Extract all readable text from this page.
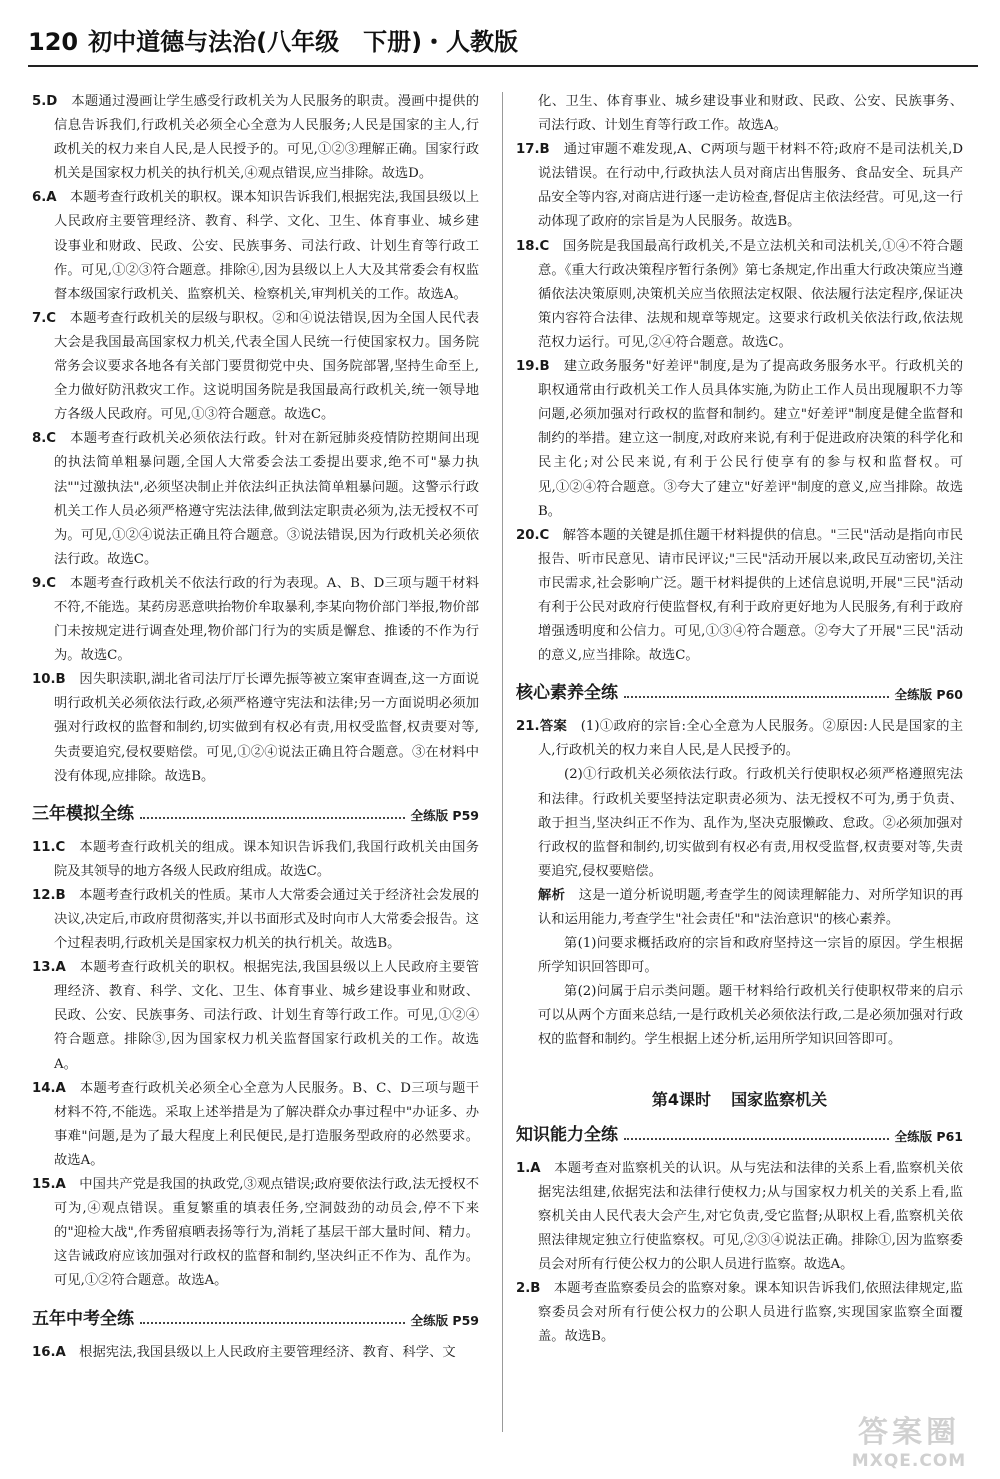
120 初中道德与法治(八年级　下册)・人教版

5.D　 本题通过漫画让学生感受行政机关为人民服务的职责。漫画中提供的信息告诉我们,行政机关必须全心全意为人民服务;人民是国家的主人,行政机关的权力来自人民,是人民授予的。可见,①②③理解正确。国家行政机关是国家权力机关的执行机关,④观点错误,应当排除。故选D。

6.A　 本题考查行政机关的职权。课本知识告诉我们,根据宪法,我国县级以上人民政府主要管理经济、教育、科学、文化、卫生、体育事业、城乡建设事业和财政、民政、公安、民族事务、司法行政、计划生育等行政工作。可见,①②③符合题意。排除④,因为县级以上人大及其常委会有权监督本级国家行政机关、监察机关、检察机关,审判机关的工作。故选A。

7.C　 本题考查行政机关的层级与职权。②和④说法错误,因为全国人民代表大会是我国最高国家权力机关,代表全国人民统一行使国家权力。国务院常务会议要求各地各有关部门要贯彻党中央、国务院部署,坚持生命至上,全力做好防汛救灾工作。这说明国务院是我国最高行政机关,统一领导地方各级人民政府。可见,①③符合题意。故选C。

8.C　 本题考查行政机关必须依法行政。针对在新冠肺炎疫情防控期间出现的执法简单粗暴问题,全国人大常委会法工委提出要求,绝不可"暴力执法""过激执法",必须坚决制止并依法纠正执法简单粗暴问题。这警示行政机关工作人员必须严格遵守宪法法律,做到法定职责必须为,法无授权不可为。可见,①②④说法正确且符合题意。③说法错误,因为行政机关必须依法行政。故选C。

9.C　 本题考查行政机关不依法行政的行为表现。A、B、D三项与题干材料不符,不能选。某药房恶意哄抬物价牟取暴利,李某向物价部门举报,物价部门未按规定进行调查处理,物价部门行为的实质是懈怠、推诿的不作为行为。故选C。

10.B　 因失职渎职,湖北省司法厅厅长谭先振等被立案审查调查,这一方面说明行政机关必须依法行政,必须严格遵守宪法和法律;另一方面说明必须加强对行政权的监督和制约,切实做到有权必有责,用权受监督,权责要对等,失责要追究,侵权要赔偿。可见,①②④说法正确且符合题意。③在材料中没有体现,应排除。故选B。

三年模拟全练	全练版 P59

11.C　 本题考查行政机关的组成。课本知识告诉我们,我国行政机关由国务院及其领导的地方各级人民政府组成。故选C。

12.B　 本题考查行政机关的性质。某市人大常委会通过关于经济社会发展的决议,决定后,市政府贯彻落实,并以书面形式及时向市人大常委会报告。这个过程表明,行政机关是国家权力机关的执行机关。故选B。

13.A　 本题考查行政机关的职权。根据宪法,我国县级以上人民政府主要管理经济、教育、科学、文化、卫生、体育事业、城乡建设事业和财政、民政、公安、民族事务、司法行政、计划生育等行政工作。可见,①②④符合题意。排除③,因为国家权力机关监督国家行政机关的工作。故选A。

14.A　 本题考查行政机关必须全心全意为人民服务。B、C、D三项与题干材料不符,不能选。采取上述举措是为了解决群众办事过程中"办证多、办事难"问题,是为了最大程度上利民便民,是打造服务型政府的必然要求。故选A。

15.A　 中国共产党是我国的执政党,③观点错误;政府要依法行政,法无授权不可为,④观点错误。重复繁重的填表任务,空洞鼓劲的动员会,停不下来的"迎检大战",作秀留痕晒表扬等行为,消耗了基层干部大量时间、精力。这告诫政府应该加强对行政权的监督和制约,坚决纠正不作为、乱作为。可见,①②符合题意。故选A。

五年中考全练	全练版 P59

16.A　 根据宪法,我国县级以上人民政府主要管理经济、教育、科学、文

化、卫生、体育事业、城乡建设事业和财政、民政、公安、民族事务、司法行政、计划生育等行政工作。故选A。

17.B　 通过审题不难发现,A、C两项与题干材料不符;政府不是司法机关,D说法错误。在行动中,行政执法人员对商店出售服务、食品安全、玩具产品安全等内容,对商店进行逐一走访检查,督促店主依法经营。可见,这一行动体现了政府的宗旨是为人民服务。故选B。

18.C　 国务院是我国最高行政机关,不是立法机关和司法机关,①④不符合题意。《重大行政决策程序暂行条例》第七条规定,作出重大行政决策应当遵循依法决策原则,决策机关应当依照法定权限、依法履行法定程序,保证决策内容符合法律、法规和规章等规定。这要求行政机关依法行政,依法规范权力运行。可见,②④符合题意。故选C。

19.B　 建立政务服务"好差评"制度,是为了提高政务服务水平。行政机关的职权通常由行政机关工作人员具体实施,为防止工作人员出现履职不力等问题,必须加强对行政权的监督和制约。建立"好差评"制度是健全监督和制约的举措。建立这一制度,对政府来说,有利于促进政府决策的科学化和民主化;对公民来说,有利于公民行使享有的参与权和监督权。可见,①②④符合题意。③夸大了建立"好差评"制度的意义,应当排除。故选B。

20.C　 解答本题的关键是抓住题干材料提供的信息。"三民"活动是指向市民报告、听市民意见、请市民评议;"三民"活动开展以来,政民互动密切,关注市民需求,社会影响广泛。题干材料提供的上述信息说明,开展"三民"活动有利于公民对政府行使监督权,有利于政府更好地为人民服务,有利于政府增强透明度和公信力。可见,①③④符合题意。②夸大了开展"三民"活动的意义,应当排除。故选C。

核心素养全练	全练版 P60

21.答案　 (1)①政府的宗旨:全心全意为人民服务。②原因:人民是国家的主人,行政机关的权力来自人民,是人民授予的。

(2)①行政机关必须依法行政。行政机关行使职权必须严格遵照宪法和法律。行政机关要坚持法定职责必须为、法无授权不可为,勇于负责、敢于担当,坚决纠正不作为、乱作为,坚决克服懒政、怠政。②必须加强对行政权的监督和制约,切实做到有权必有责,用权受监督,权责要对等,失责要追究,侵权要赔偿。

解析　 这是一道分析说明题,考查学生的阅读理解能力、对所学知识的再认和运用能力,考查学生"社会责任"和"法治意识"的核心素养。

第(1)问要求概括政府的宗旨和政府坚持这一宗旨的原因。学生根据所学知识回答即可。

第(2)问属于启示类问题。题干材料给行政机关行使职权带来的启示可以从两个方面来总结,一是行政机关必须依法行政,二是必须加强对行政权的监督和制约。学生根据上述分析,运用所学知识回答即可。

第4课时 国家监察机关
知识能力全练	全练版 P61

1.A　 本题考查对监察机关的认识。从与宪法和法律的关系上看,监察机关依据宪法组建,依据宪法和法律行使权力;从与国家权力机关的关系上看,监察机关由人民代表大会产生,对它负责,受它监督;从职权上看,监察机关依照法律规定独立行使监察权。可见,②③④说法正确。排除①,因为监察委员会对所有行使公权力的公职人员进行监察。故选A。

2.B　 本题考查监察委员会的监察对象。课本知识告诉我们,依照法律规定,监察委员会对所有行使公权力的公职人员进行监察,实现国家监察全面覆盖。故选B。

答案圈
MXQE.COM
